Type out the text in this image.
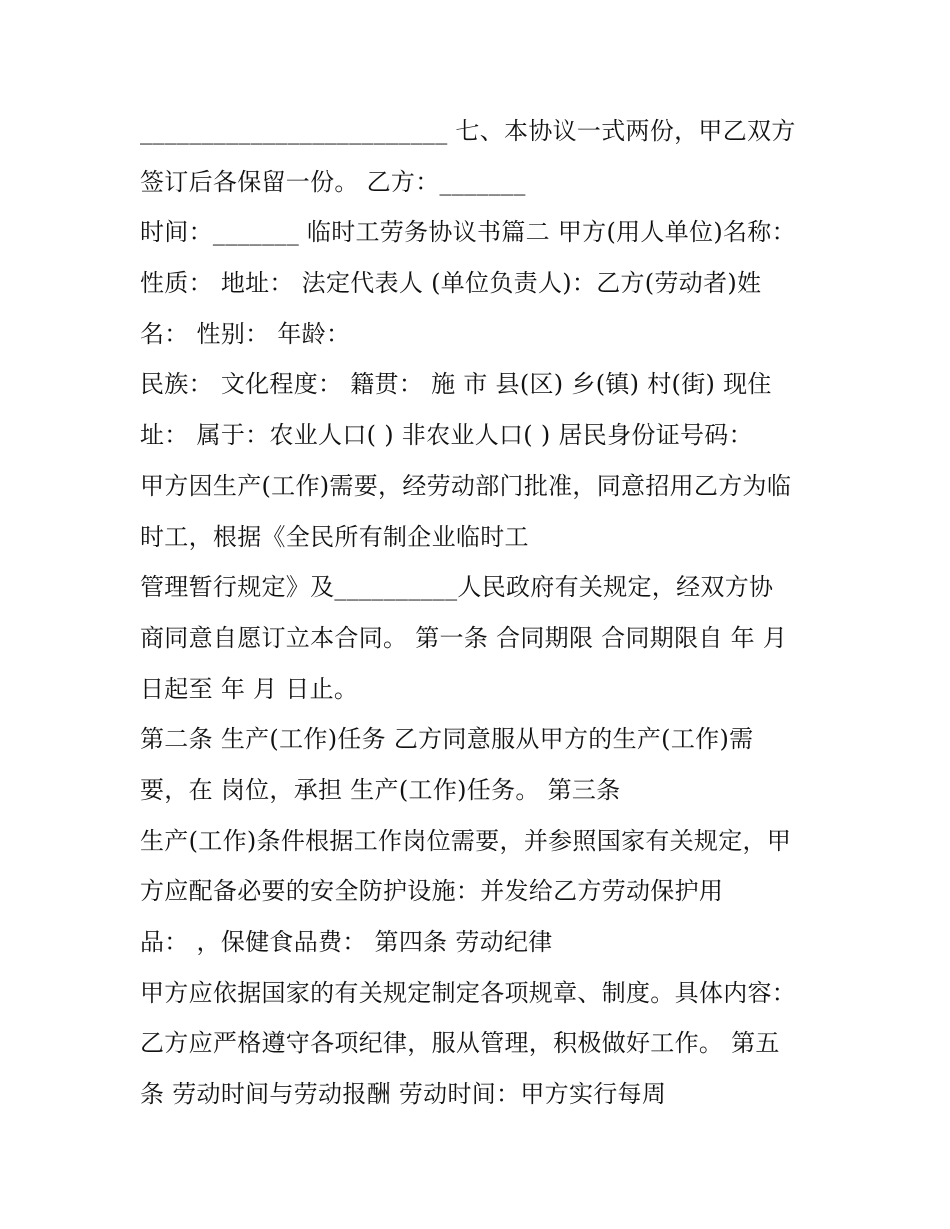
_________________________ 七、本协议一式两份，甲乙双方
签订后各保留一份。 乙方：_______
时间：_______ 临时工劳务协议书篇二 甲方(用人单位)名称：
性质： 地址： 法定代表人 (单位负责人)：乙方(劳动者)姓
名： 性别： 年龄：
民族： 文化程度： 籍贯： 施 市 县(区) 乡(镇) 村(街) 现住
址： 属于：农业人口( ) 非农业人口( ) 居民身份证号码：
甲方因生产(工作)需要，经劳动部门批准，同意招用乙方为临
时工，根据《全民所有制企业临时工
管理暂行规定》及__________人民政府有关规定，经双方协
商同意自愿订立本合同。 第一条 合同期限 合同期限自 年 月
日起至 年 月 日止。
第二条 生产(工作)任务 乙方同意服从甲方的生产(工作)需
要，在 岗位，承担 生产(工作)任务。 第三条
生产(工作)条件根据工作岗位需要，并参照国家有关规定，甲
方应配备必要的安全防护设施：并发给乙方劳动保护用
品： ，保健食品费： 第四条 劳动纪律
甲方应依据国家的有关规定制定各项规章、制度。具体内容：
乙方应严格遵守各项纪律，服从管理，积极做好工作。 第五
条 劳动时间与劳动报酬 劳动时间：甲方实行每周
